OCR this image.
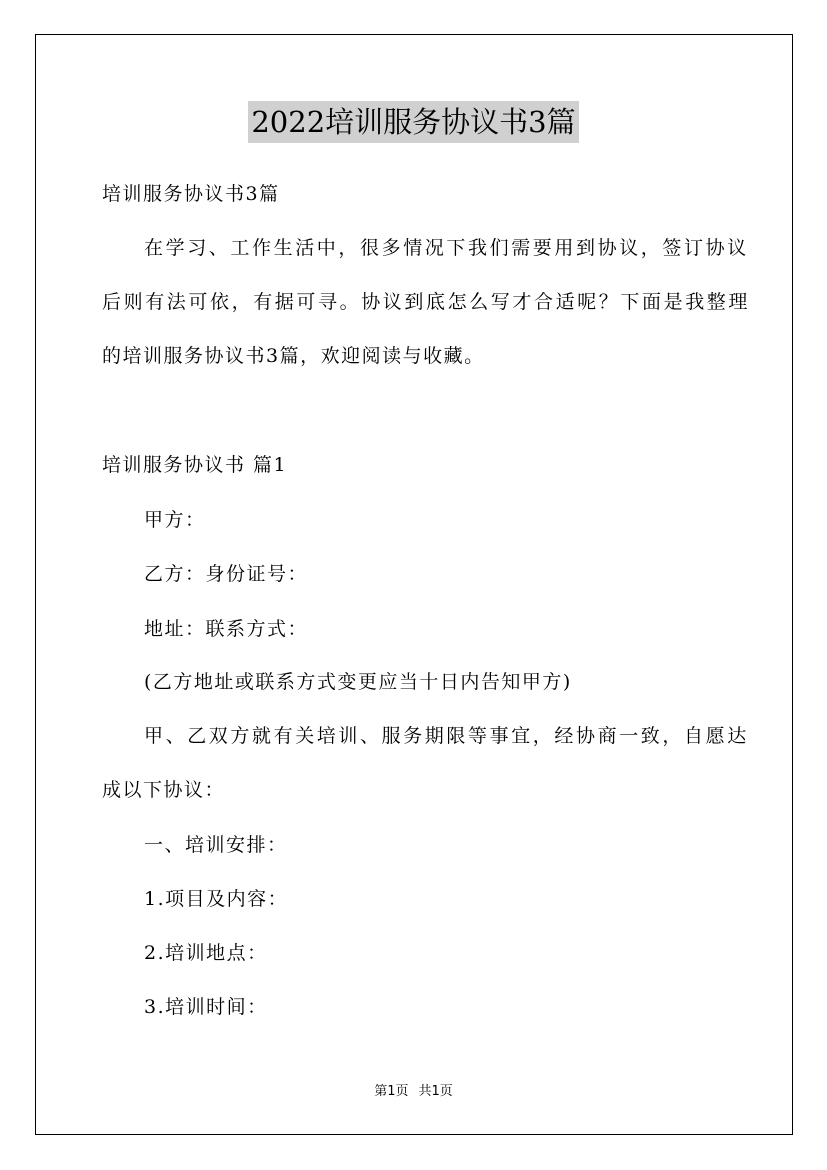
2022培训服务协议书3篇
培训服务协议书3篇
在学习、工作生活中，很多情况下我们需要用到协议，签订协议
后则有法可依，有据可寻。协议到底怎么写才合适呢？下面是我整理
的培训服务协议书3篇，欢迎阅读与收藏。
培训服务协议书 篇1
甲方：
乙方：身份证号：
地址：联系方式：
(乙方地址或联系方式变更应当十日内告知甲方)
甲、乙双方就有关培训、服务期限等事宜，经协商一致，自愿达
成以下协议：
一、培训安排：
1.项目及内容：
2.培训地点：
3.培训时间：
第1页 共1页
